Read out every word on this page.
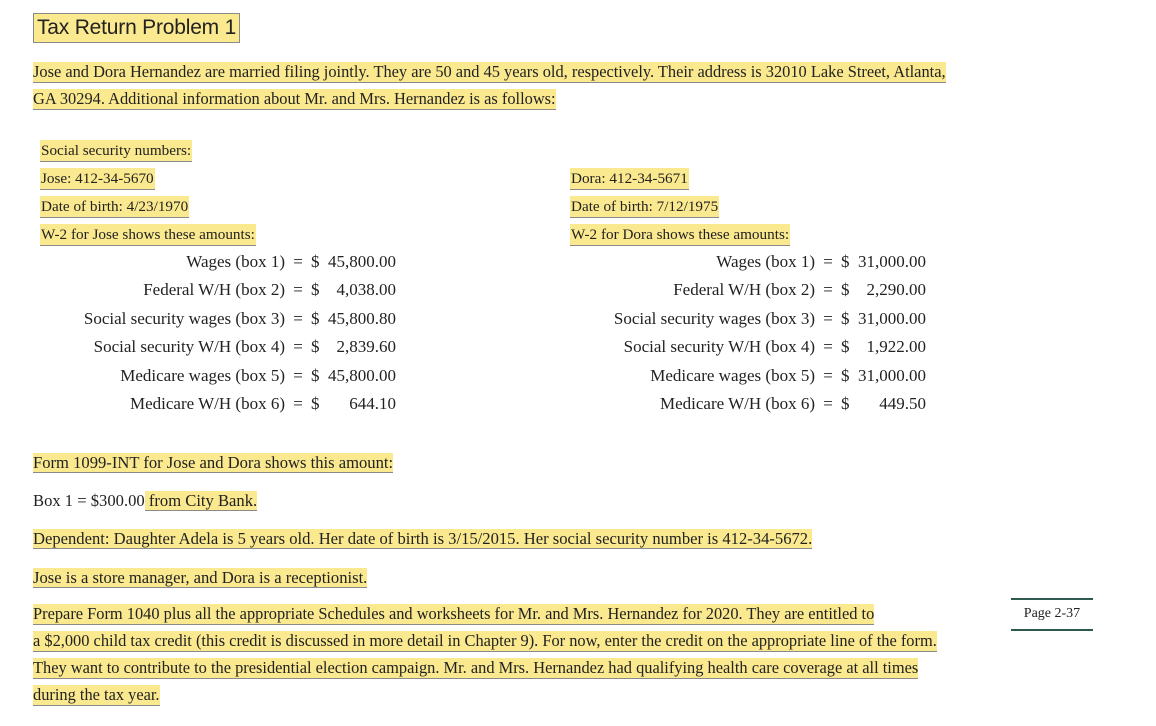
Tax Return Problem 1
Jose and Dora Hernandez are married filing jointly. They are 50 and 45 years old, respectively. Their address is 32010 Lake Street, Atlanta,
GA 30294. Additional information about Mr. and Mrs. Hernandez is as follows:
Social security numbers:
Jose: 412-34-5670
Date of birth: 4/23/1970
W-2 for Jose shows these amounts:
Wages (box 1) = $ 45,800.00
Federal W/H (box 2) = $ 4,038.00
Social security wages (box 3) = $ 45,800.80
Social security W/H (box 4) = $ 2,839.60
Medicare wages (box 5) = $ 45,800.00
Medicare W/H (box 6) = $ 644.10
Dora: 412-34-5671
Date of birth: 7/12/1975
W-2 for Dora shows these amounts:
Wages (box 1) = $ 31,000.00
Federal W/H (box 2) = $ 2,290.00
Social security wages (box 3) = $ 31,000.00
Social security W/H (box 4) = $ 1,922.00
Medicare wages (box 5) = $ 31,000.00
Medicare W/H (box 6) = $ 449.50
Form 1099-INT for Jose and Dora shows this amount:
Box 1 = $300.00 from City Bank.
Dependent: Daughter Adela is 5 years old. Her date of birth is 3/15/2015. Her social security number is 412-34-5672.
Jose is a store manager, and Dora is a receptionist.
Prepare Form 1040 plus all the appropriate Schedules and worksheets for Mr. and Mrs. Hernandez for 2020. They are entitled to
a $2,000 child tax credit (this credit is discussed in more detail in Chapter 9). For now, enter the credit on the appropriate line of the form.
They want to contribute to the presidential election campaign. Mr. and Mrs. Hernandez had qualifying health care coverage at all times
during the tax year.
Page 2-37
